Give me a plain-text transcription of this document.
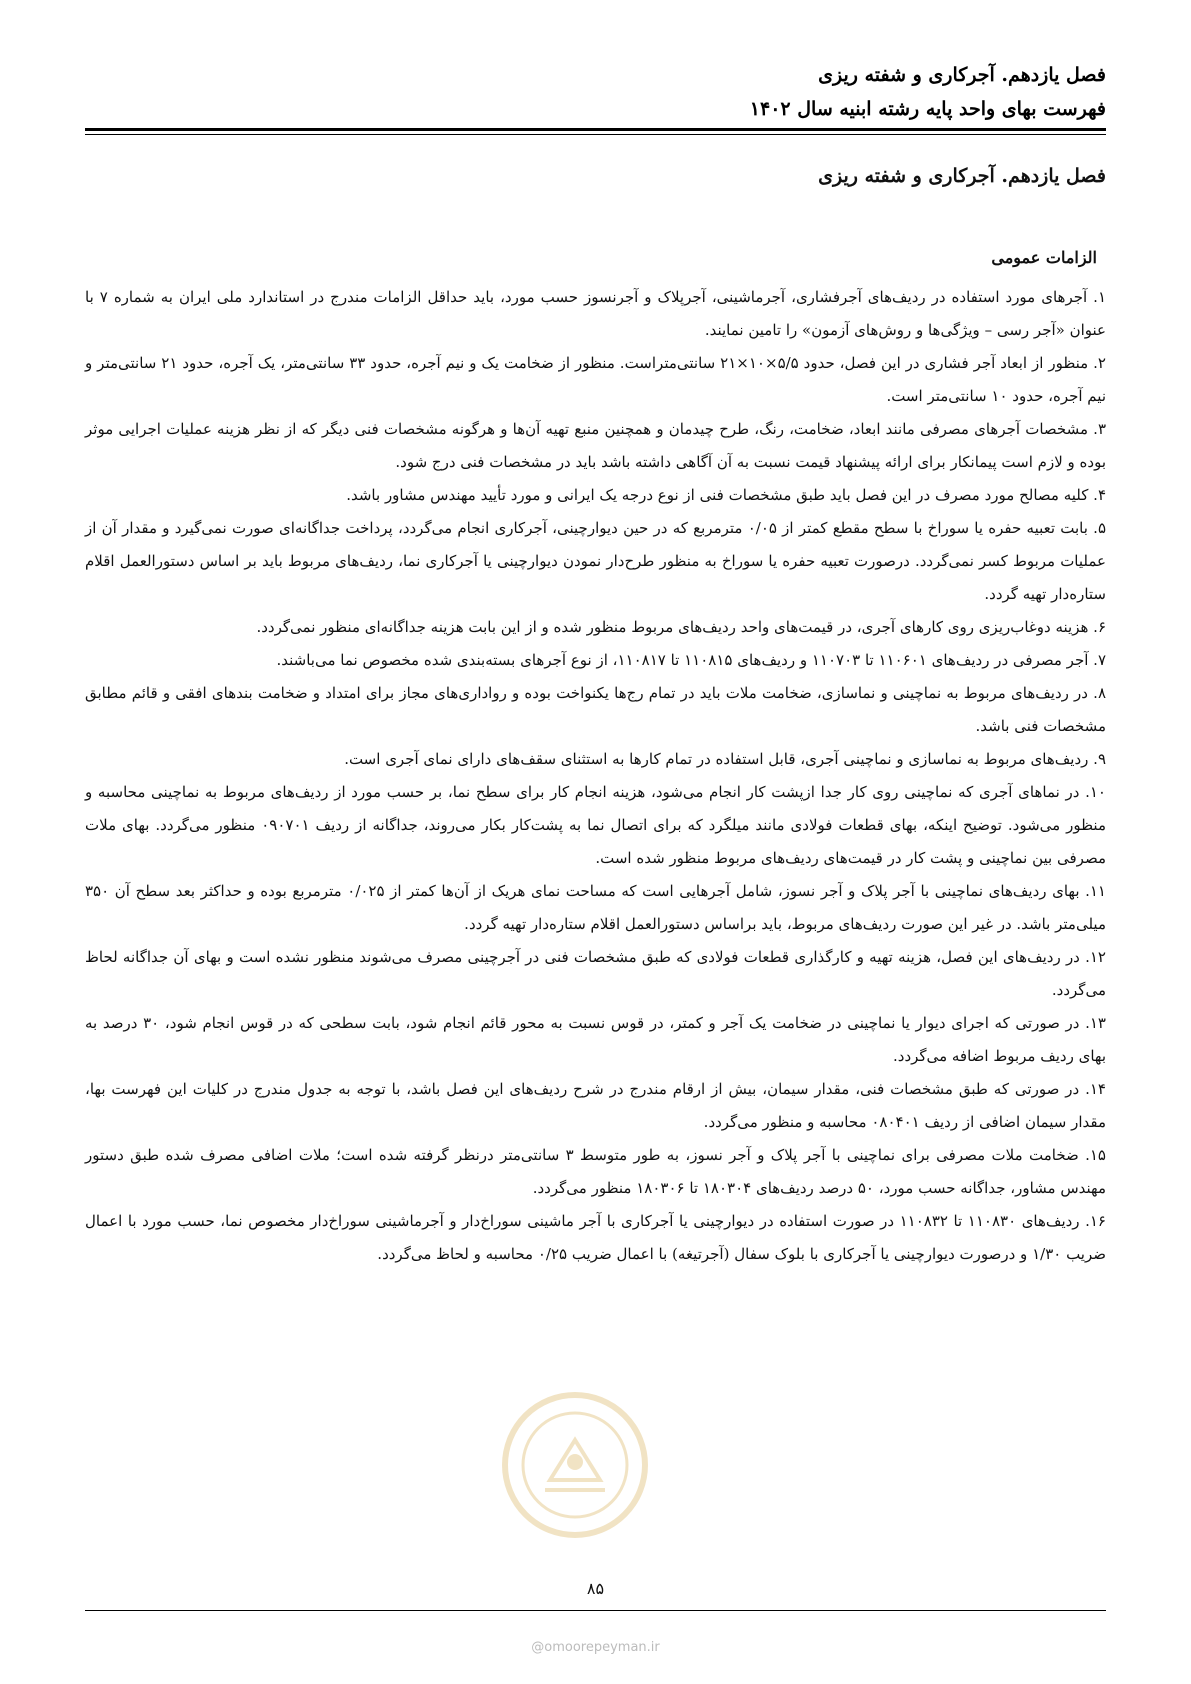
فصل یازدهم. آجرکاری و شفته ریزی
فهرست بهای واحد پایه رشته ابنیه سال ۱۴۰۲
فصل یازدهم. آجرکاری و شفته ریزی
الزامات عمومی

۱. آجرهای مورد استفاده در ردیف‌های آجرفشاری، آجرماشینی، آجرپلاک و آجرنسوز حسب مورد، باید حداقل الزامات مندرج در استاندارد ملی ایران به شماره ۷ با عنوان «آجر رسی – ویژگی‌ها و روش‌های آزمون» را تامین نمایند.

۲. منظور از ابعاد آجر فشاری در این فصل، حدود ۵/۵×۱۰×۲۱ سانتی‌متراست. منظور از ضخامت یک و نیم آجره، حدود ۳۳ سانتی‌متر، یک آجره، حدود ۲۱ سانتی‌متر و نیم آجره، حدود ۱۰ سانتی‌متر است.

۳. مشخصات آجرهای مصرفی مانند ابعاد، ضخامت، رنگ، طرح چیدمان و همچنین منبع تهیه آن‌ها و هرگونه مشخصات فنی دیگر که از نظر هزینه عملیات اجرایی موثر بوده و لازم است پیمانکار برای ارائه پیشنهاد قیمت نسبت به آن آگاهی داشته باشد باید در مشخصات فنی درج شود.

۴. کلیه مصالح مورد مصرف در این فصل باید طبق مشخصات فنی از نوع درجه یک ایرانی و مورد تأیید مهندس مشاور باشد.

۵. بابت تعبیه حفره یا سوراخ با سطح مقطع کمتر از ۰/۰۵ مترمربع که در حین دیوارچینی، آجرکاری انجام می‌گردد، پرداخت جداگانه‌ای صورت نمی‌گیرد و مقدار آن از عملیات مربوط کسر نمی‌گردد. درصورت تعبیه حفره یا سوراخ به منظور طرح‌دار نمودن دیوارچینی یا آجرکاری نما، ردیف‌های مربوط باید بر اساس دستورالعمل اقلام ستاره‌دار تهیه گردد.

۶. هزینه دوغاب‌ریزی روی کارهای آجری، در قیمت‌های واحد ردیف‌های مربوط منظور شده و از این بابت هزینه جداگانه‌ای منظور نمی‌گردد.

۷. آجر مصرفی در ردیف‌های ۱۱۰۶۰۱ تا ۱۱۰۷۰۳ و ردیف‌های ۱۱۰۸۱۵ تا ۱۱۰۸۱۷، از نوع آجرهای بسته‌بندی شده مخصوص نما می‌باشند.

۸. در ردیف‌های مربوط به نماچینی و نماسازی، ضخامت ملات باید در تمام رج‌ها یکنواخت بوده و رواداری‌های مجاز برای امتداد و ضخامت بندهای افقی و قائم مطابق مشخصات فنی باشد.

۹. ردیف‌های مربوط به نماسازی و نماچینی آجری، قابل استفاده در تمام کارها به استثنای سقف‌های دارای نمای آجری است.

۱۰. در نماهای آجری که نماچینی روی کار جدا ازپشت کار انجام می‌شود، هزینه انجام کار برای سطح نما، بر حسب مورد از ردیف‌های مربوط به نماچینی محاسبه و منظور می‌شود. توضیح اینکه، بهای قطعات فولادی مانند میلگرد که برای اتصال نما به پشت‌کار بکار می‌روند، جداگانه از ردیف ۰۹۰۷۰۱ منظور می‌گردد. بهای ملات مصرفی بین نماچینی و پشت کار در قیمت‌های ردیف‌های مربوط منظور شده است.

۱۱. بهای ردیف‌های نماچینی با آجر پلاک و آجر نسوز، شامل آجرهایی است که مساحت نمای هریک از آن‌ها کمتر از ۰/۰۲۵ مترمربع بوده و حداکثر بعد سطح آن ۳۵۰ میلی‌متر باشد. در غیر این صورت ردیف‌های مربوط، باید براساس دستورالعمل اقلام ستاره‌دار تهیه گردد.

۱۲. در ردیف‌های این فصل، هزینه تهیه و کارگذاری قطعات فولادی که طبق مشخصات فنی در آجرچینی مصرف می‌شوند منظور نشده است و بهای آن جداگانه لحاظ می‌گردد.

۱۳. در صورتی که اجرای دیوار یا نماچینی در ضخامت یک آجر و کمتر، در قوس نسبت به محور قائم انجام شود، بابت سطحی که در قوس انجام شود، ۳۰ درصد به بهای ردیف مربوط اضافه می‌گردد.

۱۴. در صورتی که طبق مشخصات فنی، مقدار سیمان، بیش از ارقام مندرج در شرح ردیف‌های این فصل باشد، با توجه به جدول مندرج در کلیات این فهرست بها، مقدار سیمان اضافی از ردیف ۰۸۰۴۰۱ محاسبه و منظور می‌گردد.

۱۵. ضخامت ملات مصرفی برای نماچینی با آجر پلاک و آجر نسوز، به طور متوسط ۳ سانتی‌متر درنظر گرفته شده است؛ ملات اضافی مصرف شده طبق دستور مهندس مشاور، جداگانه حسب مورد، ۵۰ درصد ردیف‌های ۱۸۰۳۰۴ تا ۱۸۰۳۰۶ منظور می‌گردد.

۱۶. ردیف‌های ۱۱۰۸۳۰ تا ۱۱۰۸۳۲ در صورت استفاده در دیوارچینی یا آجرکاری با آجر ماشینی سوراخ‌دار و آجرماشینی سوراخ‌دار مخصوص نما، حسب مورد با اعمال ضریب ۱/۳۰ و درصورت دیوارچینی یا آجرکاری با بلوک سفال (آجرتیغه) با اعمال ضریب ۰/۲۵ محاسبه و لحاظ می‌گردد.

۸۵
@omoorepeyman.ir
